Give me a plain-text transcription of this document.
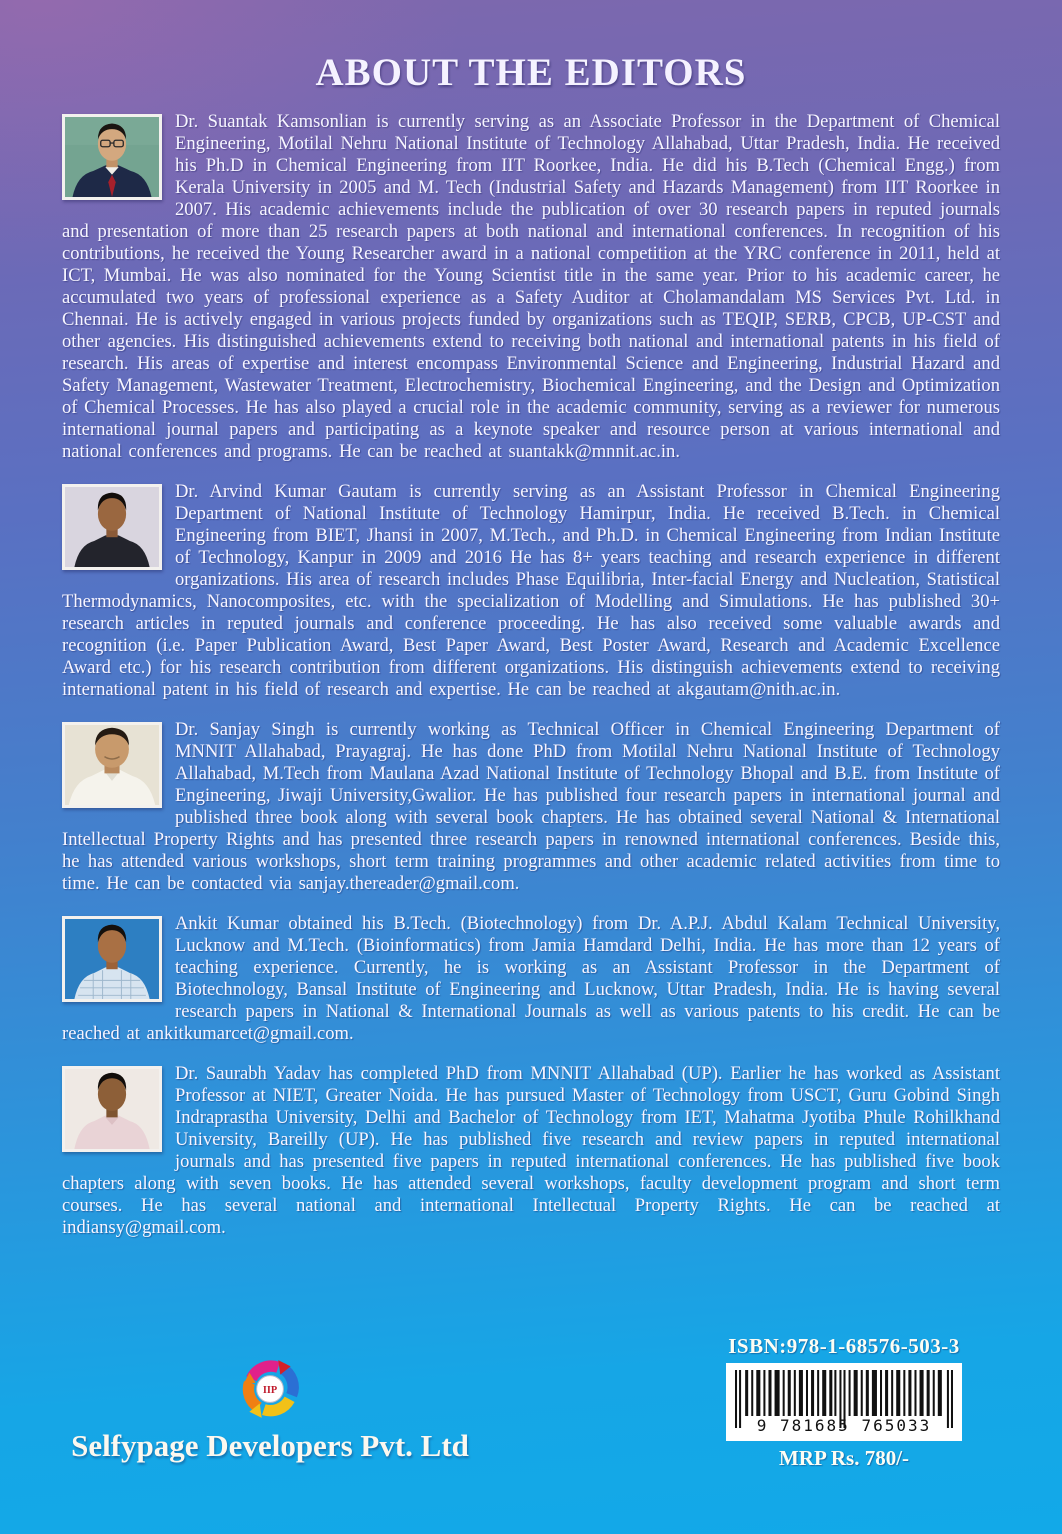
ABOUT THE EDITORS

Dr. Suantak Kamsonlian is currently serving as an Associate Professor in the Department of Chemical Engineering, Motilal Nehru National Institute of Technology Allahabad, Uttar Pradesh, India. He received his Ph.D in Chemical Engineering from IIT Roorkee, India. He did his B.Tech (Chemical Engg.) from Kerala University in 2005 and M. Tech (Industrial Safety and Hazards Management) from IIT Roorkee in 2007. His academic achievements include the publication of over 30 research papers in reputed journals and presentation of more than 25 research papers at both national and international conferences. In recognition of his contributions, he received the Young Researcher award in a national competition at the YRC conference in 2011, held at ICT, Mumbai. He was also nominated for the Young Scientist title in the same year. Prior to his academic career, he accumulated two years of professional experience as a Safety Auditor at Cholamandalam MS Services Pvt. Ltd. in Chennai. He is actively engaged in various projects funded by organizations such as TEQIP, SERB, CPCB, UP-CST and other agencies. His distinguished achievements extend to receiving both national and international patents in his field of research. His areas of expertise and interest encompass Environmental Science and Engineering, Industrial Hazard and Safety Management, Wastewater Treatment, Electrochemistry, Biochemical Engineering, and the Design and Optimization of Chemical Processes. He has also played a crucial role in the academic community, serving as a reviewer for numerous international journal papers and participating as a keynote speaker and resource person at various international and national conferences and programs. He can be reached at suantakk@mnnit.ac.in.

Dr. Arvind Kumar Gautam is currently serving as an Assistant Professor in Chemical Engineering Department of National Institute of Technology Hamirpur, India. He received B.Tech. in Chemical Engineering from BIET, Jhansi in 2007, M.Tech., and Ph.D. in Chemical Engineering from Indian Institute of Technology, Kanpur in 2009 and 2016 He has 8+ years teaching and research experience in different organizations. His area of research includes Phase Equilibria, Inter-facial Energy and Nucleation, Statistical Thermodynamics, Nanocomposites, etc. with the specialization of Modelling and Simulations. He has published 30+ research articles in reputed journals and conference proceeding. He has also received some valuable awards and recognition (i.e. Paper Publication Award, Best Paper Award, Best Poster Award, Research and Academic Excellence Award etc.) for his research contribution from different organizations. His distinguish achievements extend to receiving international patent in his field of research and expertise. He can be reached at akgautam@nith.ac.in.

Dr. Sanjay Singh is currently working as Technical Officer in Chemical Engineering Department of MNNIT Allahabad, Prayagraj. He has done PhD from Motilal Nehru National Institute of Technology Allahabad, M.Tech from Maulana Azad National Institute of Technology Bhopal and B.E. from Institute of Engineering, Jiwaji University,Gwalior. He has published four research papers in international journal and published three book along with several book chapters. He has obtained several National & International Intellectual Property Rights and has presented three research papers in renowned international conferences. Beside this, he has attended various workshops, short term training programmes and other academic related activities from time to time. He can be contacted via sanjay.thereader@gmail.com.

Ankit Kumar obtained his B.Tech. (Biotechnology) from Dr. A.P.J. Abdul Kalam Technical University, Lucknow and M.Tech. (Bioinformatics) from Jamia Hamdard Delhi, India. He has more than 12 years of teaching experience. Currently, he is working as an Assistant Professor in the Department of Biotechnology, Bansal Institute of Engineering and Lucknow, Uttar Pradesh, India. He is having several research papers in National & International Journals as well as various patents to his credit. He can be reached at ankitkumarcet@gmail.com.

Dr. Saurabh Yadav has completed PhD from MNNIT Allahabad (UP). Earlier he has worked as Assistant Professor at NIET, Greater Noida. He has pursued Master of Technology from USCT, Guru Gobind Singh Indraprastha University, Delhi and Bachelor of Technology from IET, Mahatma Jyotiba Phule Rohilkhand University, Bareilly (UP). He has published five research and review papers in reputed international journals and has presented five papers in reputed international conferences. He has published five book chapters along with seven books. He has attended several workshops, faculty development program and short term courses. He has several national and international Intellectual Property Rights. He can be reached at indiansy@gmail.com.

IIP
Selfypage Developers Pvt. Ltd
ISBN:978-1-68576-503-3
9 781685 765033
MRP Rs. 780/-
